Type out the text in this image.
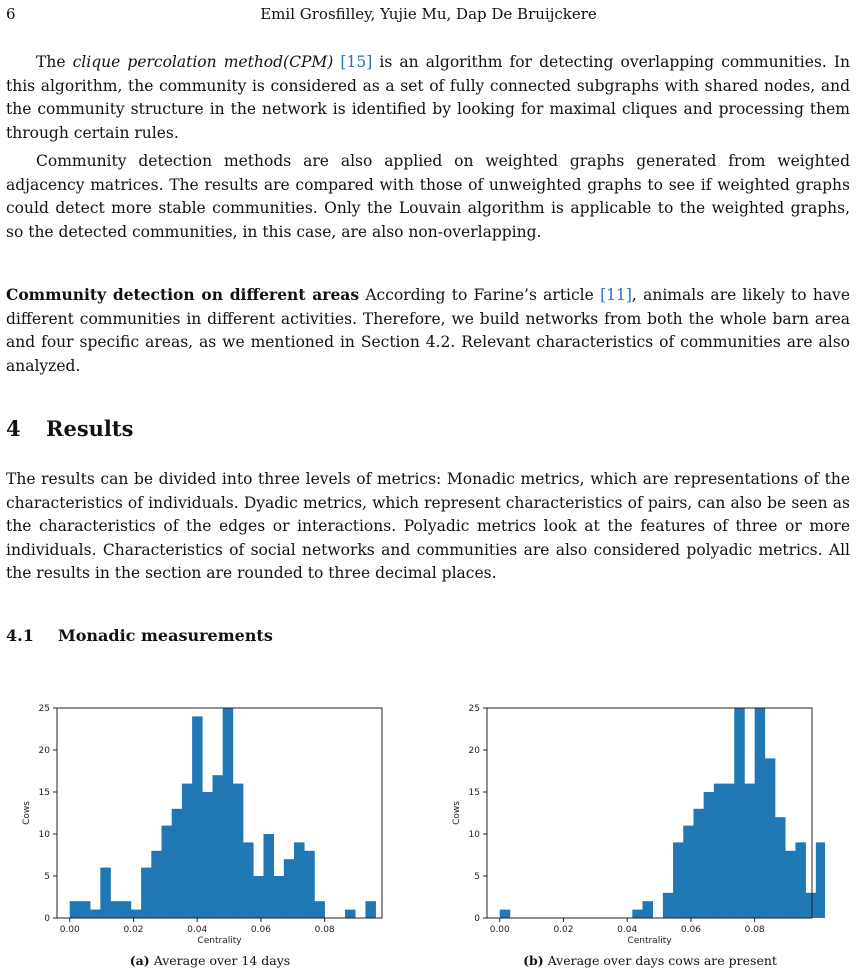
6	Emil Grosfilley, Yujie Mu, Dap De Bruijckere

The clique percolation method(CPM) [15] is an algorithm for detecting overlapping communities. In this algorithm, the community is considered as a set of fully connected subgraphs with shared nodes, and the community structure in the network is identified by looking for maximal cliques and processing them through certain rules.

Community detection methods are also applied on weighted graphs generated from weighted adjacency matrices. The results are compared with those of unweighted graphs to see if weighted graphs could detect more stable communities. Only the Louvain algorithm is applicable to the weighted graphs, so the detected communities, in this case, are also non-overlapping.

Community detection on different areas According to Farine’s article [11], animals are likely to have different communities in different activities. Therefore, we build networks from both the whole barn area and four specific areas, as we mentioned in Section 4.2. Relevant characteristics of communities are also analyzed.

4 Results

The results can be divided into three levels of metrics: Monadic metrics, which are representations of the characteristics of individuals. Dyadic metrics, which represent characteristics of pairs, can also be seen as the characteristics of the edges or interactions. Polyadic metrics look at the features of three or more individuals. Characteristics of social networks and communities are also considered polyadic metrics. All the results in the section are rounded to three decimal places.

4.1 Monadic measurements
0
5
10
15
20
25
0.00	0.02	0.04	0.06	0.08
Centrality
Cows
0
5
10
15
20
25
0.00	0.02	0.04	0.06	0.08
Centrality
Cows
(a) Average over 14 days	(b) Average over days cows are present
